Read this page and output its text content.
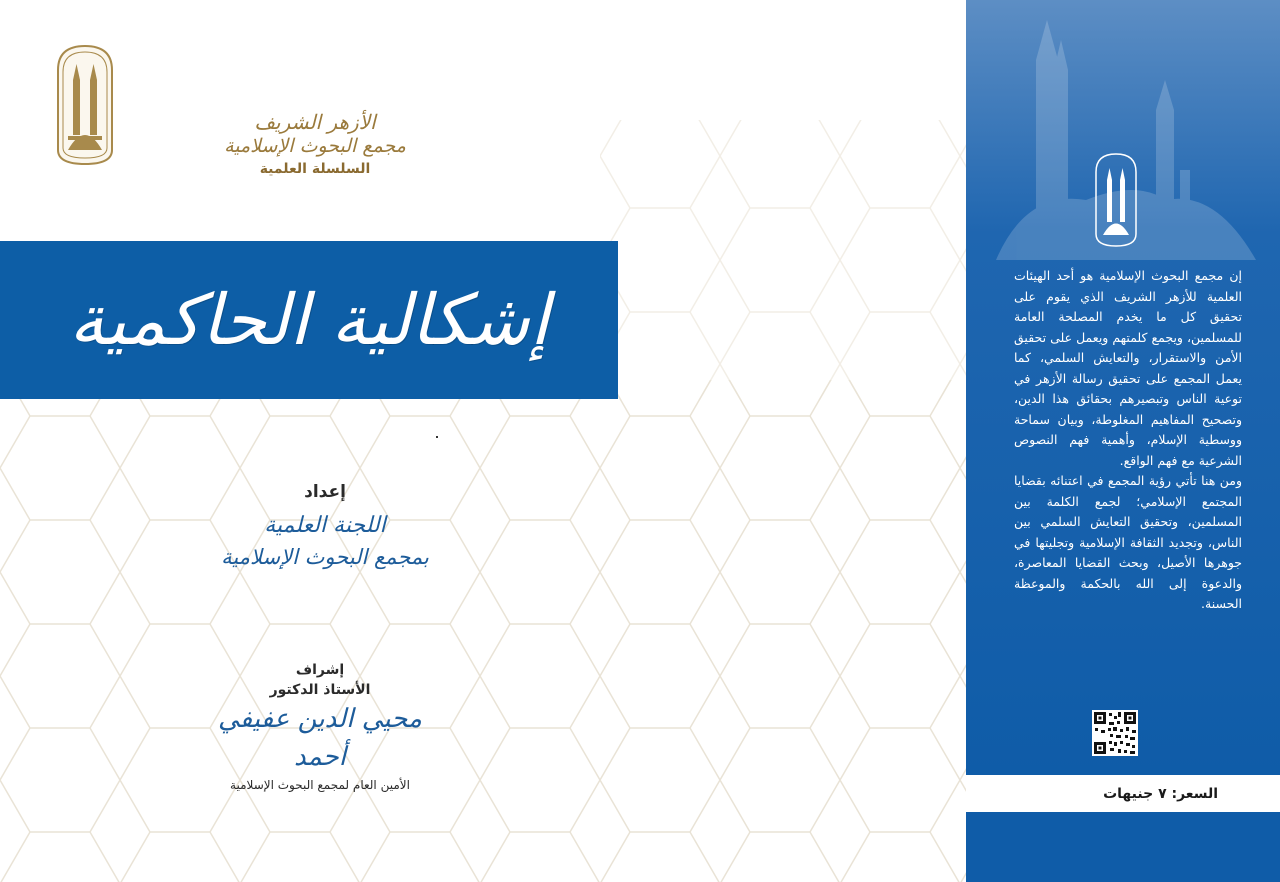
الأزهر الشريف
مجمع البحوث الإسلامية
السلسلة العلمية
إشكالية الحاكمية
إعداد
اللجنة العلمية
بمجمع البحوث الإسلامية
إشراف
الأستاذ الدكتور
محيي الدين عفيفي أحمد
الأمين العام لمجمع البحوث الإسلامية

إن مجمع البحوث الإسلامية هو أحد الهيئات العلمية للأزهر الشريف الذي يقوم على تحقيق كل ما يخدم المصلحة العامة للمسلمين، ويجمع كلمتهم ويعمل على تحقيق الأمن والاستقرار، والتعايش السلمي، كما يعمل المجمع على تحقيق رسالة الأزهر في توعية الناس وتبصيرهم بحقائق هذا الدين، وتصحيح المفاهيم المغلوطة، وبيان سماحة ووسطية الإسلام، وأهمية فهم النصوص الشرعية مع فهم الواقع.

ومن هنا تأتي رؤية المجمع في اعتنائه بقضايا المجتمع الإسلامي؛ لجمع الكلمة بين المسلمين، وتحقيق التعايش السلمي بين الناس، وتجديد الثقافة الإسلامية وتجليتها في جوهرها الأصيل، وبحث القضايا المعاصرة، والدعوة إلى الله بالحكمة والموعظة الحسنة.

السعر: ٧ جنيهات
